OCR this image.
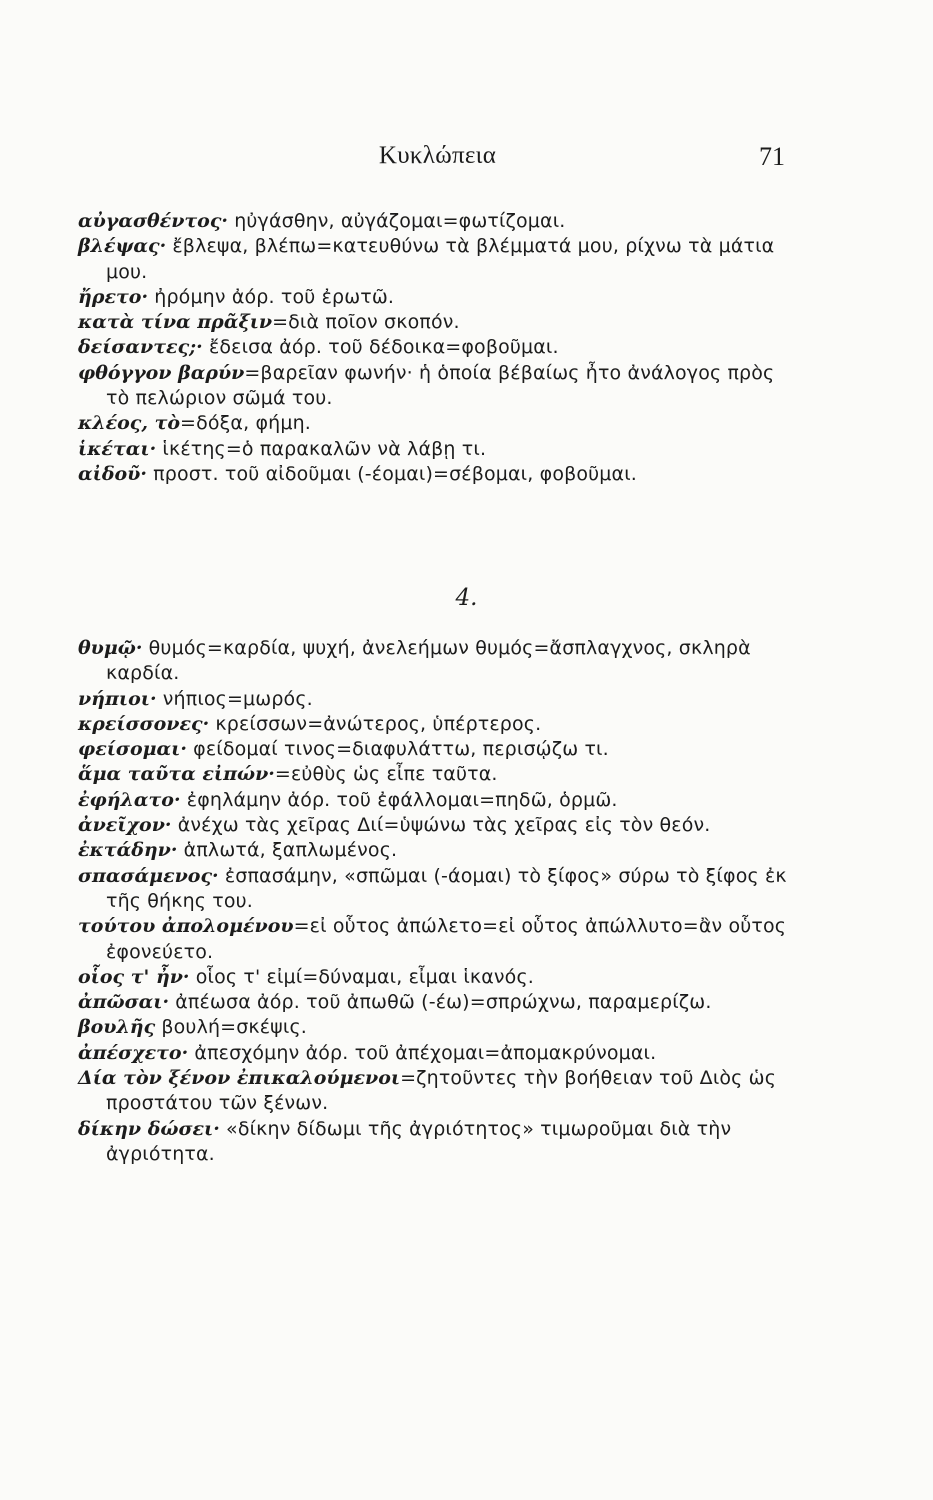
Κυκλώπεια	71

αὐγασθέντος· ηὐγάσθην, αὐγάζομαι=φωτίζομαι.

βλέψας· ἔβλεψα, βλέπω=κατευθύνω τὰ βλέμματά μου, ρίχνω τὰ μάτια μου.

ἤρετο· ἠρόμην ἀόρ. τοῦ ἐρωτῶ.

κατὰ τίνα πρᾶξιν=διὰ ποῖον σκοπόν.

δείσαντες;· ἔδεισα ἀόρ. τοῦ δέδοικα=φοβοῦμαι.

φθόγγον βαρύν=βαρεῖαν φωνήν· ἡ ὁποία βέβαίως ἦτο ἀνάλογος πρὸς τὸ πελώριον σῶμά του.

κλέος, τὸ=δόξα, φήμη.

ἱκέται· ἱκέτης=ὁ παρακαλῶν νὰ λάβῃ τι.

αἰδοῦ· προστ. τοῦ αἰδοῦμαι (-έομαι)=σέβομαι, φοβοῦμαι.

4.

θυμῷ· θυμός=καρδία, ψυχή, ἀνελεήμων θυμός=ἄσπλαγχνος, σκληρὰ καρδία.

νήπιοι· νήπιος=μωρός.

κρείσσονες· κρείσσων=ἀνώτερος, ὑπέρτερος.

φείσομαι· φείδομαί τινος=διαφυλάττω, περισῴζω τι.

ἅμα ταῦτα εἰπών·=εὐθὺς ὡς εἶπε ταῦτα.

ἐφήλατο· ἐφηλάμην ἀόρ. τοῦ ἐφάλλομαι=πηδῶ, ὁρμῶ.

ἀνεῖχον· ἀνέχω τὰς χεῖρας Διί=ὑψώνω τὰς χεῖρας εἰς τὸν θεόν.

ἐκτάδην· ἁπλωτά, ξαπλωμένος.

σπασάμενος· ἐσπασάμην, «σπῶμαι (-άομαι) τὸ ξίφος» σύρω τὸ ξίφος ἐκ τῆς θήκης του.

τούτου ἀπολομένου=εἰ οὗτος ἀπώλετο=εἰ οὗτος ἀπώλλυτο=ἂν οὗτος ἐφονεύετο.

οἷος τ' ἦν· οἷος τ' εἰμί=δύναμαι, εἶμαι ἱκανός.

ἀπῶσαι· ἀπέωσα ἀόρ. τοῦ ἀπωθῶ (-έω)=σπρώχνω, παραμερίζω.

βουλῆς βουλή=σκέψις.

ἀπέσχετο· ἀπεσχόμην ἀόρ. τοῦ ἀπέχομαι=ἀπομακρύνομαι.

Δία τὸν ξένον ἐπικαλούμενοι=ζητοῦντες τὴν βοήθειαν τοῦ Διὸς ὡς προστάτου τῶν ξένων.

δίκην δώσει· «δίκην δίδωμι τῆς ἀγριότητος» τιμωροῦμαι διὰ τὴν ἀγριότητα.
